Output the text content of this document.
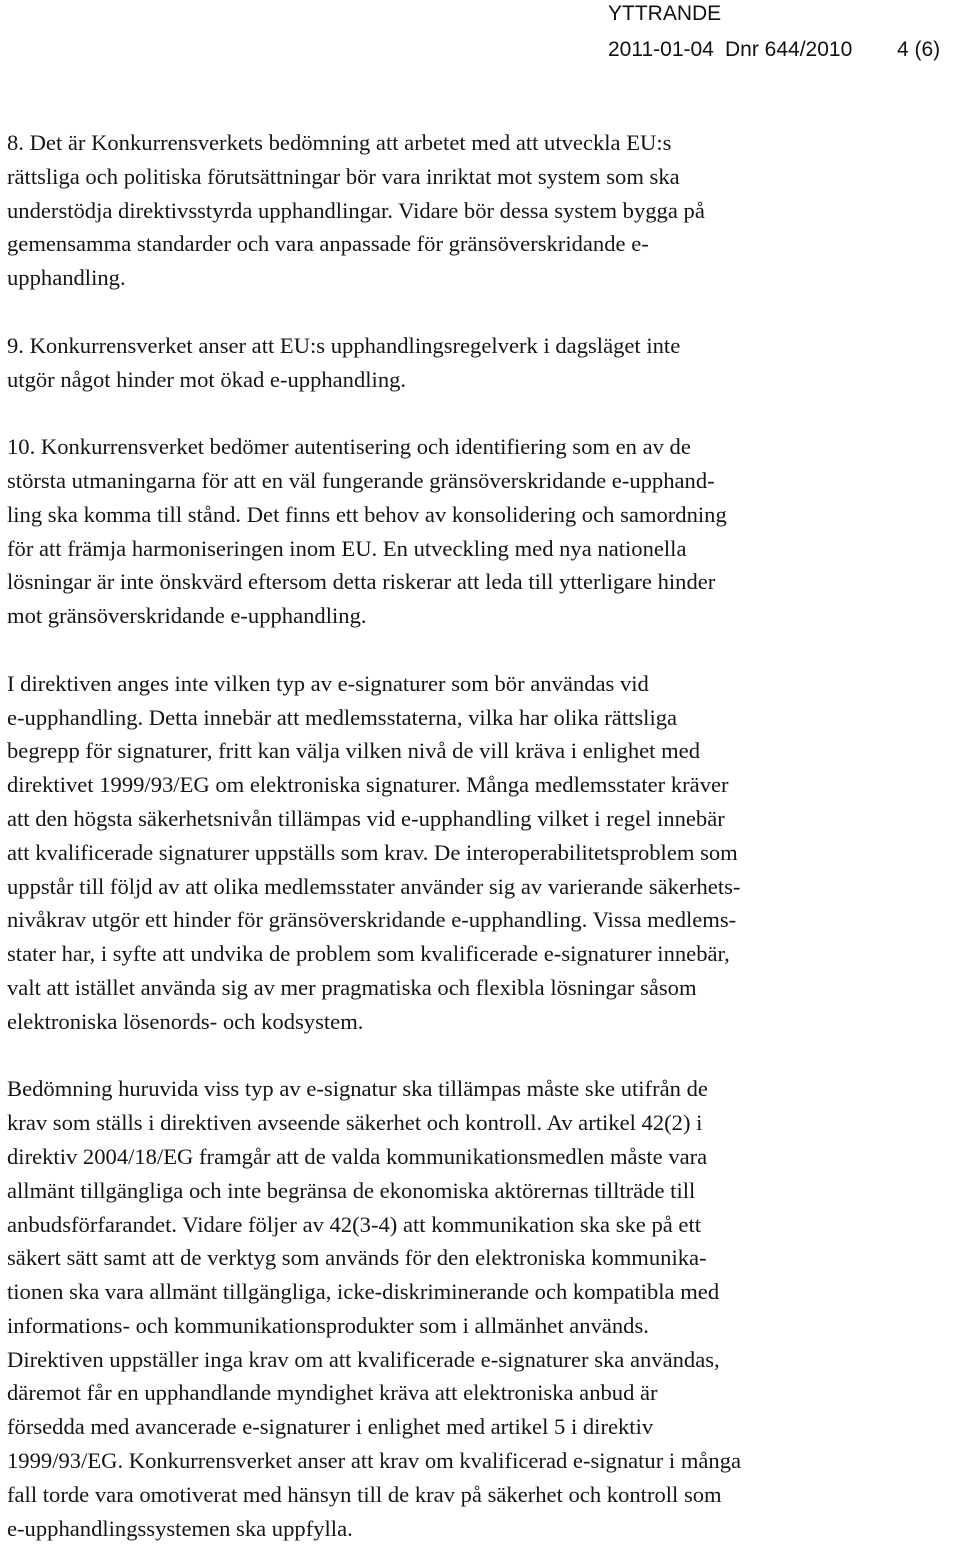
YTTRANDE
2011-01-04 Dnr 644/2010 4 (6)

8. Det är Konkurrensverkets bedömning att arbetet med att utveckla EU:s
rättsliga och politiska förutsättningar bör vara inriktat mot system som ska
understödja direktivsstyrda upphandlingar. Vidare bör dessa system bygga på
gemensamma standarder och vara anpassade för gränsöverskridande e-
upphandling.

9. Konkurrensverket anser att EU:s upphandlingsregelverk i dagsläget inte
utgör något hinder mot ökad e-upphandling.

10. Konkurrensverket bedömer autentisering och identifiering som en av de
största utmaningarna för att en väl fungerande gränsöverskridande e-upphand-
ling ska komma till stånd. Det finns ett behov av konsolidering och samordning
för att främja harmoniseringen inom EU. En utveckling med nya nationella
lösningar är inte önskvärd eftersom detta riskerar att leda till ytterligare hinder
mot gränsöverskridande e-upphandling.

I direktiven anges inte vilken typ av e-signaturer som bör användas vid
e-upphandling. Detta innebär att medlemsstaterna, vilka har olika rättsliga
begrepp för signaturer, fritt kan välja vilken nivå de vill kräva i enlighet med
direktivet 1999/93/EG om elektroniska signaturer. Många medlemsstater kräver
att den högsta säkerhetsnivån tillämpas vid e-upphandling vilket i regel innebär
att kvalificerade signaturer uppställs som krav. De interoperabilitetsproblem som
uppstår till följd av att olika medlemsstater använder sig av varierande säkerhets-
nivåkrav utgör ett hinder för gränsöverskridande e-upphandling. Vissa medlems-
stater har, i syfte att undvika de problem som kvalificerade e-signaturer innebär,
valt att istället använda sig av mer pragmatiska och flexibla lösningar såsom
elektroniska lösenords- och kodsystem.

Bedömning huruvida viss typ av e-signatur ska tillämpas måste ske utifrån de
krav som ställs i direktiven avseende säkerhet och kontroll. Av artikel 42(2) i
direktiv 2004/18/EG framgår att de valda kommunikationsmedlen måste vara
allmänt tillgängliga och inte begränsa de ekonomiska aktörernas tillträde till
anbudsförfarandet. Vidare följer av 42(3-4) att kommunikation ska ske på ett
säkert sätt samt att de verktyg som används för den elektroniska kommunika-
tionen ska vara allmänt tillgängliga, icke-diskriminerande och kompatibla med
informations- och kommunikationsprodukter som i allmänhet används.
Direktiven uppställer inga krav om att kvalificerade e-signaturer ska användas,
däremot får en upphandlande myndighet kräva att elektroniska anbud är
försedda med avancerade e-signaturer i enlighet med artikel 5 i direktiv
1999/93/EG. Konkurrensverket anser att krav om kvalificerad e-signatur i många
fall torde vara omotiverat med hänsyn till de krav på säkerhet och kontroll som
e-upphandlingssystemen ska uppfylla.
